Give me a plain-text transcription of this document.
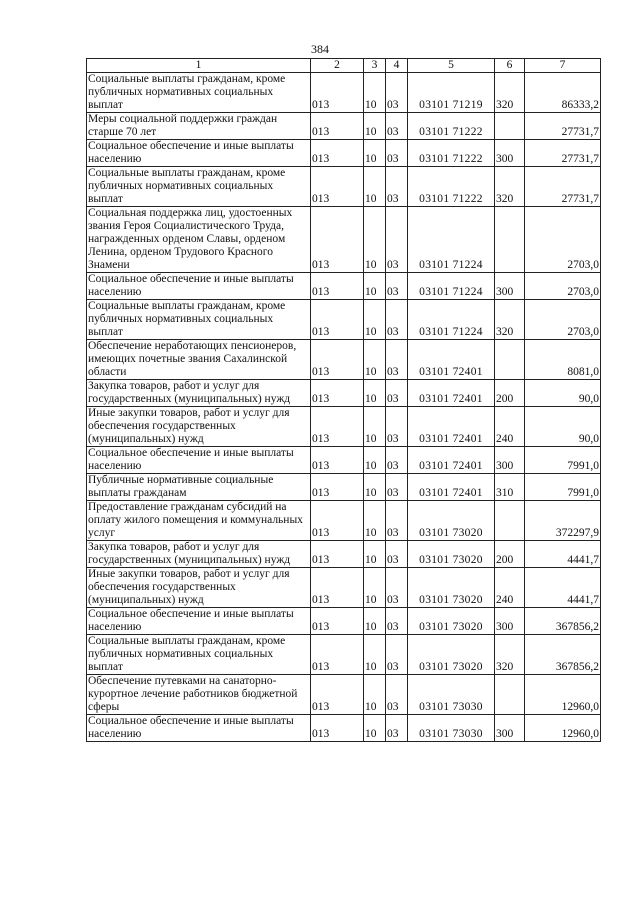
384
1	2	3	4	5	6	7
Социальные выплаты гражданам, кроме публичных нормативных социальных выплат	013	10	03	03101 71219	320	86333,2
Меры социальной поддержки граждан старше 70 лет	013	10	03	03101 71222		27731,7
Социальное обеспечение и иные выплаты населению	013	10	03	03101 71222	300	27731,7
Социальные выплаты гражданам, кроме публичных нормативных социальных выплат	013	10	03	03101 71222	320	27731,7
Социальная поддержка лиц, удостоенных звания Героя Социалистического Труда, награжденных орденом Славы, орденом Ленина, орденом Трудового Красного Знамени	013	10	03	03101 71224		2703,0
Социальное обеспечение и иные выплаты населению	013	10	03	03101 71224	300	2703,0
Социальные выплаты гражданам, кроме публичных нормативных социальных выплат	013	10	03	03101 71224	320	2703,0
Обеспечение неработающих пенсионеров, имеющих почетные звания Сахалинской области	013	10	03	03101 72401		8081,0
Закупка товаров, работ и услуг для государственных (муниципальных) нужд	013	10	03	03101 72401	200	90,0
Иные закупки товаров, работ и услуг для обеспечения государственных (муниципальных) нужд	013	10	03	03101 72401	240	90,0
Социальное обеспечение и иные выплаты населению	013	10	03	03101 72401	300	7991,0
Публичные нормативные социальные выплаты гражданам	013	10	03	03101 72401	310	7991,0
Предоставление гражданам субсидий на оплату жилого помещения и коммунальных услуг	013	10	03	03101 73020		372297,9
Закупка товаров, работ и услуг для государственных (муниципальных) нужд	013	10	03	03101 73020	200	4441,7
Иные закупки товаров, работ и услуг для обеспечения государственных (муниципальных) нужд	013	10	03	03101 73020	240	4441,7
Социальное обеспечение и иные выплаты населению	013	10	03	03101 73020	300	367856,2
Социальные выплаты гражданам, кроме публичных нормативных социальных выплат	013	10	03	03101 73020	320	367856,2
Обеспечение путевками на санаторно-курортное лечение работников бюджетной сферы	013	10	03	03101 73030		12960,0
Социальное обеспечение и иные выплаты населению	013	10	03	03101 73030	300	12960,0
